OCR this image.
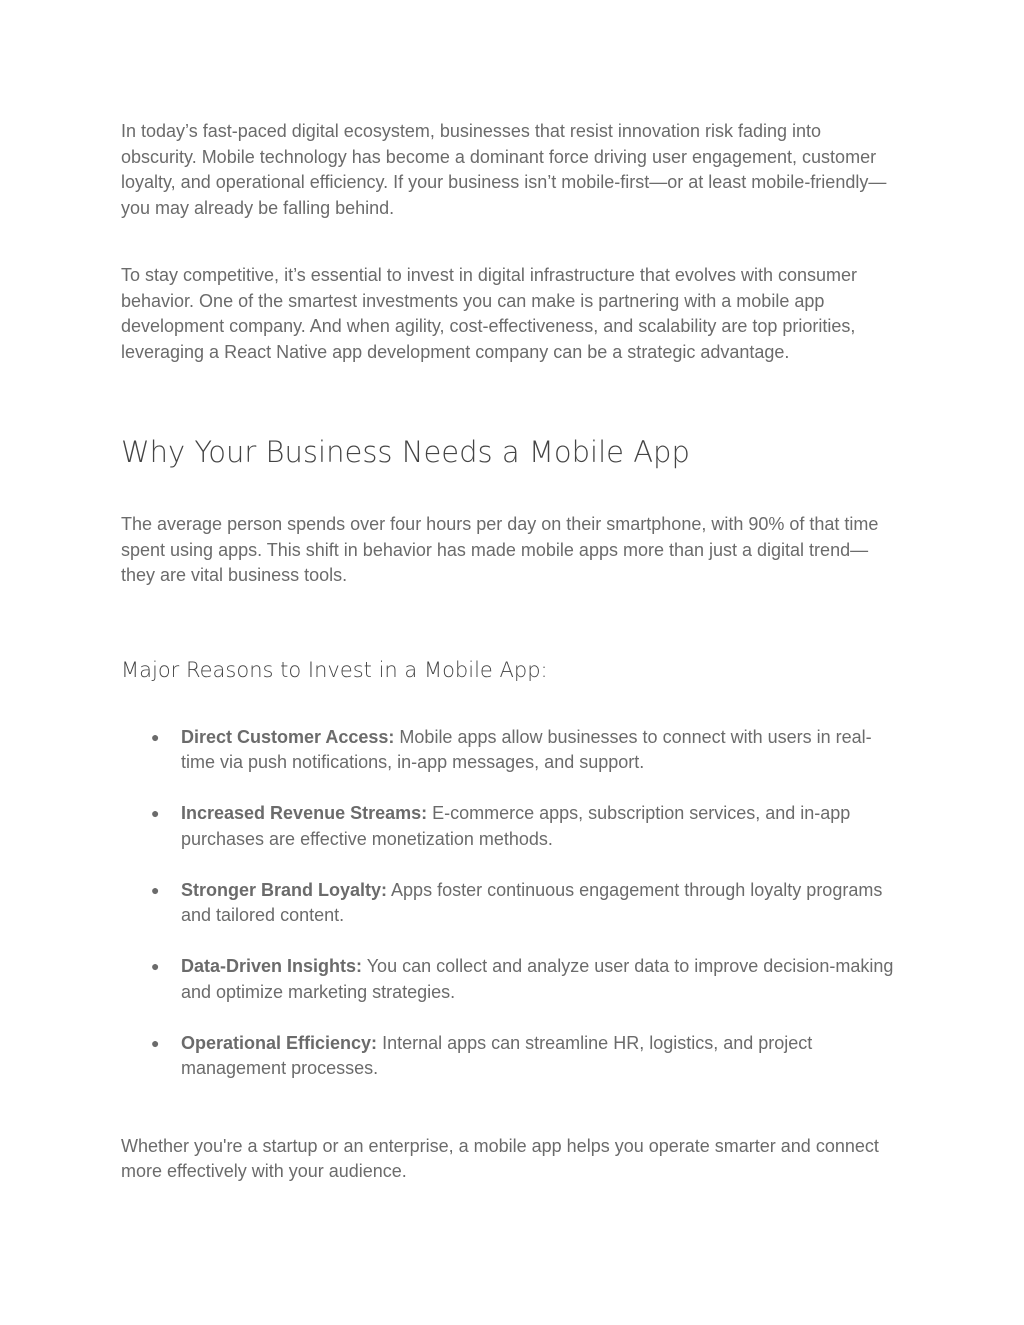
In today’s fast-paced digital ecosystem, businesses that resist innovation risk fading into obscurity. Mobile technology has become a dominant force driving user engagement, customer loyalty, and operational efficiency. If your business isn’t mobile-first—or at least mobile-friendly—you may already be falling behind.

To stay competitive, it’s essential to invest in digital infrastructure that evolves with consumer behavior. One of the smartest investments you can make is partnering with a mobile app development company. And when agility, cost-effectiveness, and scalability are top priorities, leveraging a React Native app development company can be a strategic advantage.

Why Your Business Needs a Mobile App

The average person spends over four hours per day on their smartphone, with 90% of that time spent using apps. This shift in behavior has made mobile apps more than just a digital trend—they are vital business tools.

Major Reasons to Invest in a Mobile App:
● Direct Customer Access: Mobile apps allow businesses to connect with users in real-time via push notifications, in-app messages, and support.
● Increased Revenue Streams: E-commerce apps, subscription services, and in-app purchases are effective monetization methods.
● Stronger Brand Loyalty: Apps foster continuous engagement through loyalty programs and tailored content.
● Data-Driven Insights: You can collect and analyze user data to improve decision-making and optimize marketing strategies.
● Operational Efficiency: Internal apps can streamline HR, logistics, and project management processes.

Whether you're a startup or an enterprise, a mobile app helps you operate smarter and connect more effectively with your audience.
